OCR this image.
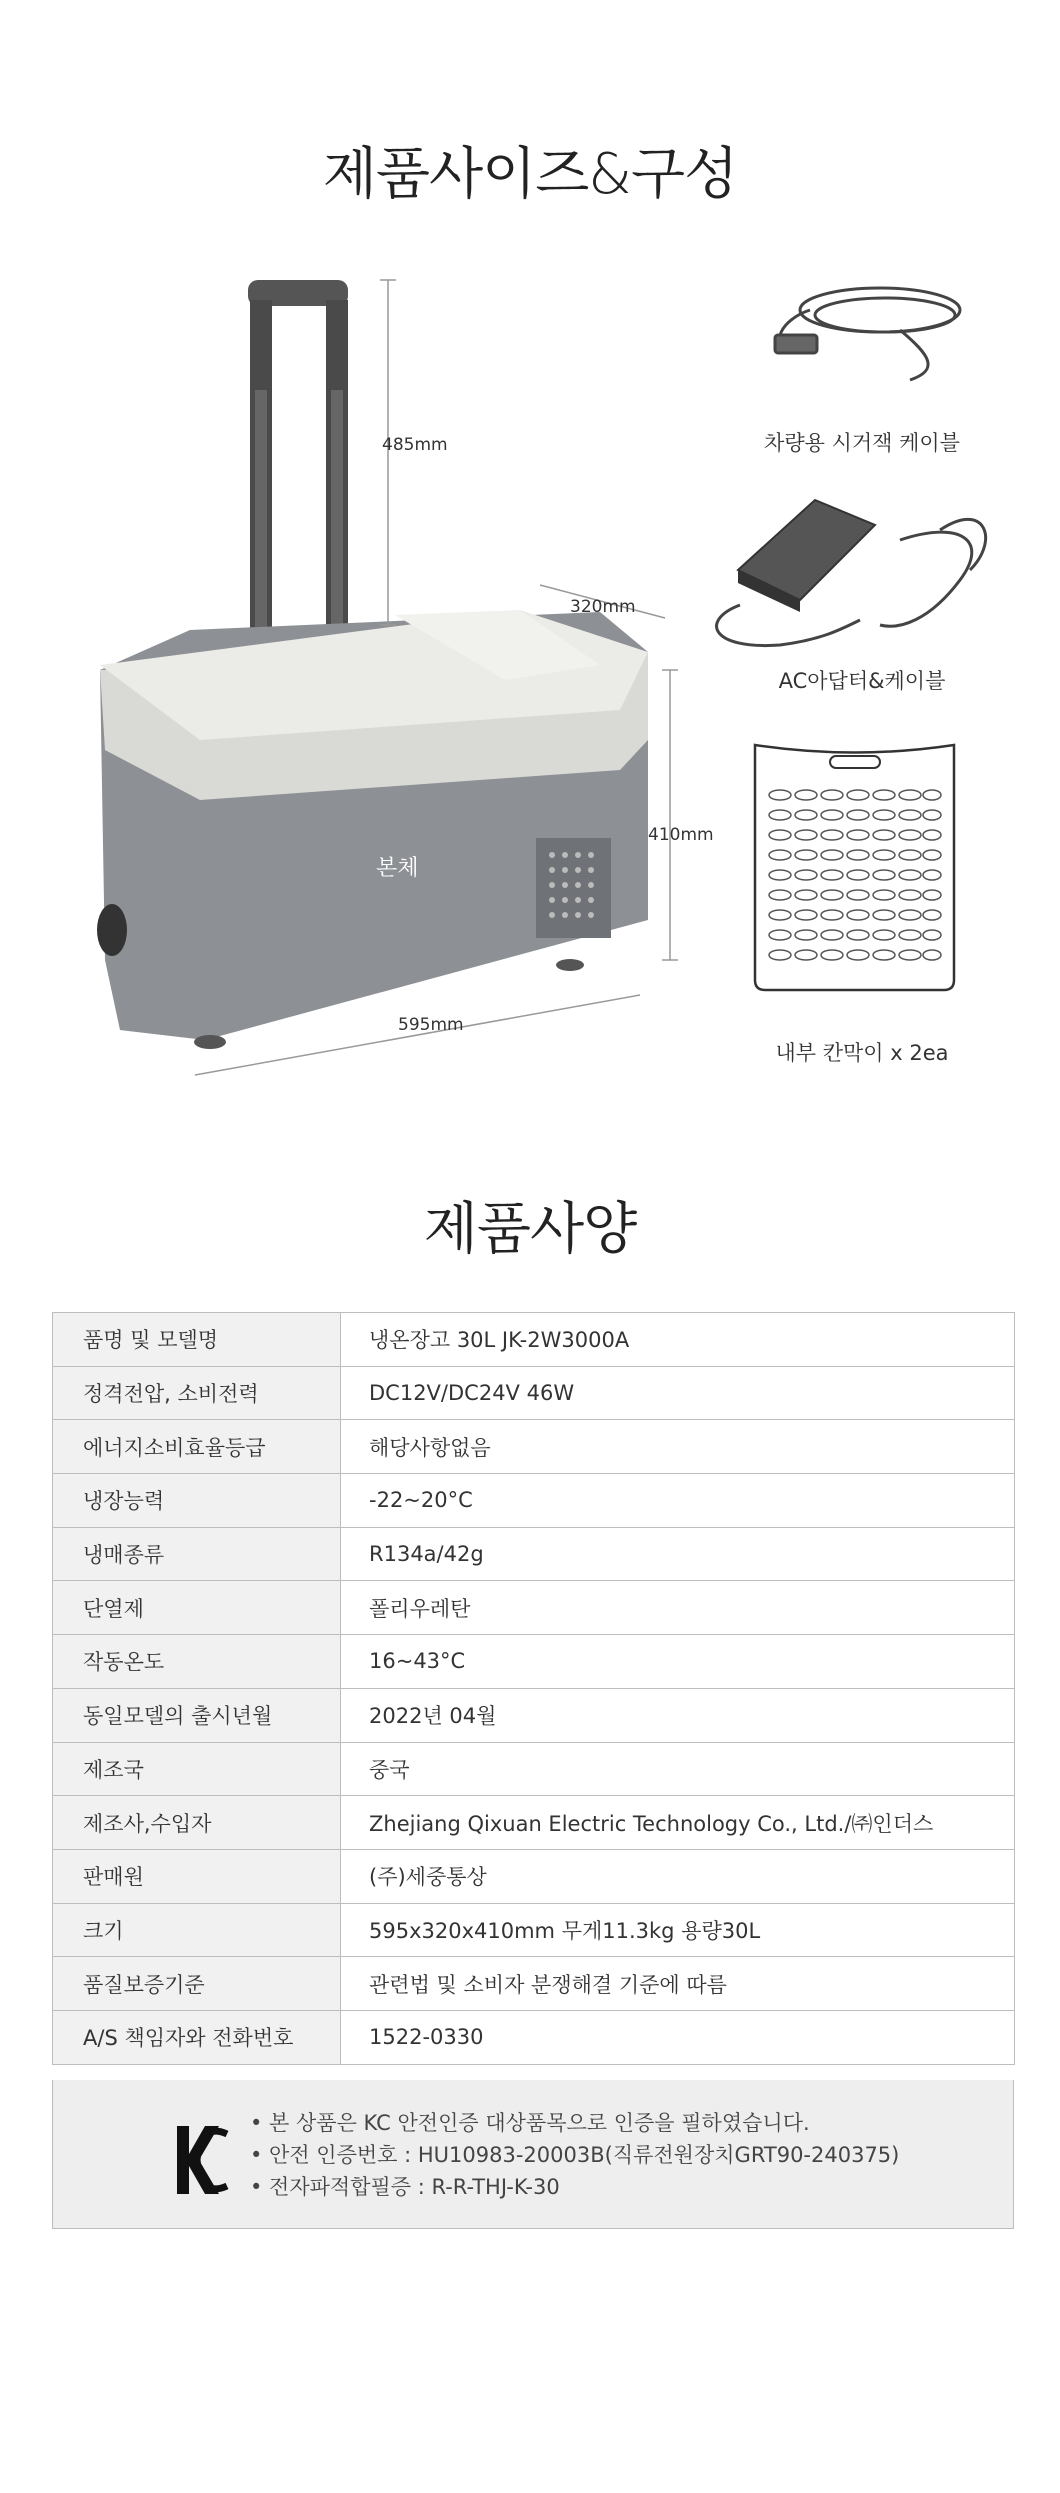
제품사이즈&구성
485mm
320mm
410mm
595mm
본체
차량용 시거잭 케이블
AC아답터&케이블
내부 칸막이 x 2ea
제품사양
품명 및 모델명	냉온장고 30L JK-2W3000A
정격전압, 소비전력	DC12V/DC24V 46W
에너지소비효율등급	해당사항없음
냉장능력	-22~20°C
냉매종류	R134a/42g
단열제	폴리우레탄
작동온도	16~43°C
동일모델의 출시년월	2022년 04월
제조국	중국
제조사,수입자	Zhejiang Qixuan Electric Technology Co., Ltd./㈜인더스
판매원	(주)세중통상
크기	595x320x410mm 무게11.3kg 용량30L
품질보증기준	관련법 및 소비자 분쟁해결 기준에 따름
A/S 책임자와 전화번호	1522-0330
KC	• 본 상품은 KC 안전인증 대상품목으로 인증을 필하였습니다.
• 안전 인증번호 : HU10983-20003B(직류전원장치GRT90-240375)
• 전자파적합필증 : R-R-THJ-K-30
